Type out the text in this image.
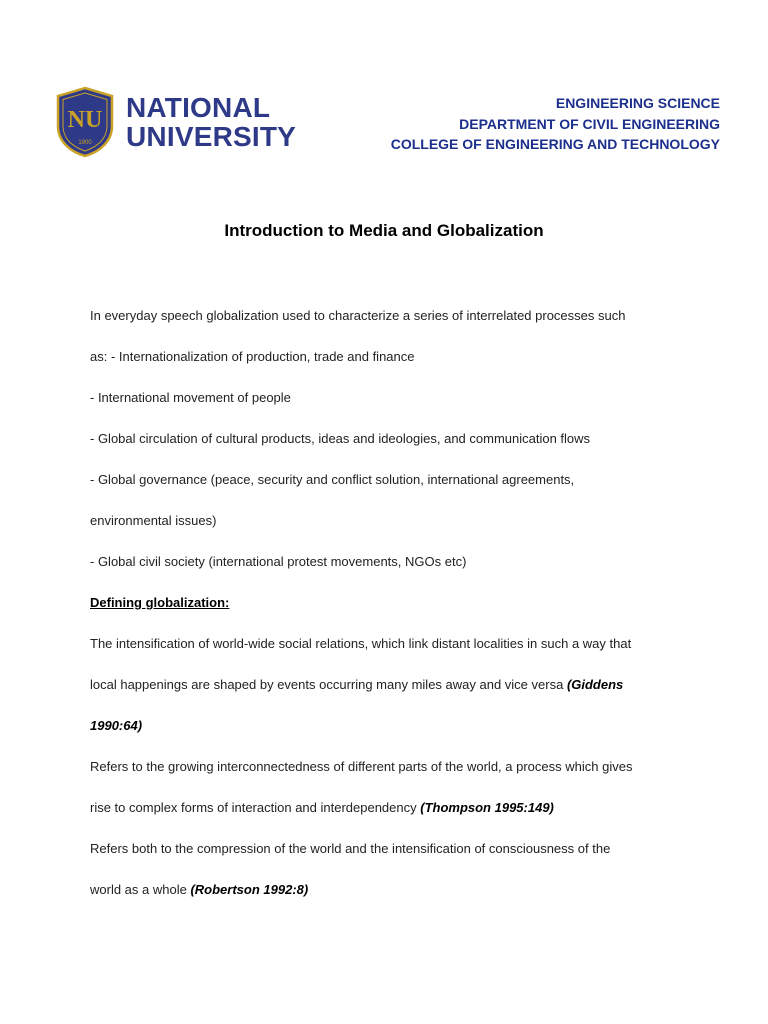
NU
1900
NATIONAL
UNIVERSITY
ENGINEERING SCIENCE
DEPARTMENT OF CIVIL ENGINEERING
COLLEGE OF ENGINEERING AND TECHNOLOGY
Introduction to Media and Globalization
In everyday speech globalization used to characterize a series of interrelated processes such
as: - Internationalization of production, trade and finance
- International movement of people
- Global circulation of cultural products, ideas and ideologies, and communication flows
- Global governance (peace, security and conflict solution, international agreements,
environmental issues)
- Global civil society (international protest movements, NGOs etc)
Defining globalization:
The intensification of world-wide social relations, which link distant localities in such a way that
local happenings are shaped by events occurring many miles away and vice versa (Giddens
1990:64)
Refers to the growing interconnectedness of different parts of the world, a process which gives
rise to complex forms of interaction and interdependency (Thompson 1995:149)
Refers both to the compression of the world and the intensification of consciousness of the
world as a whole (Robertson 1992:8)
